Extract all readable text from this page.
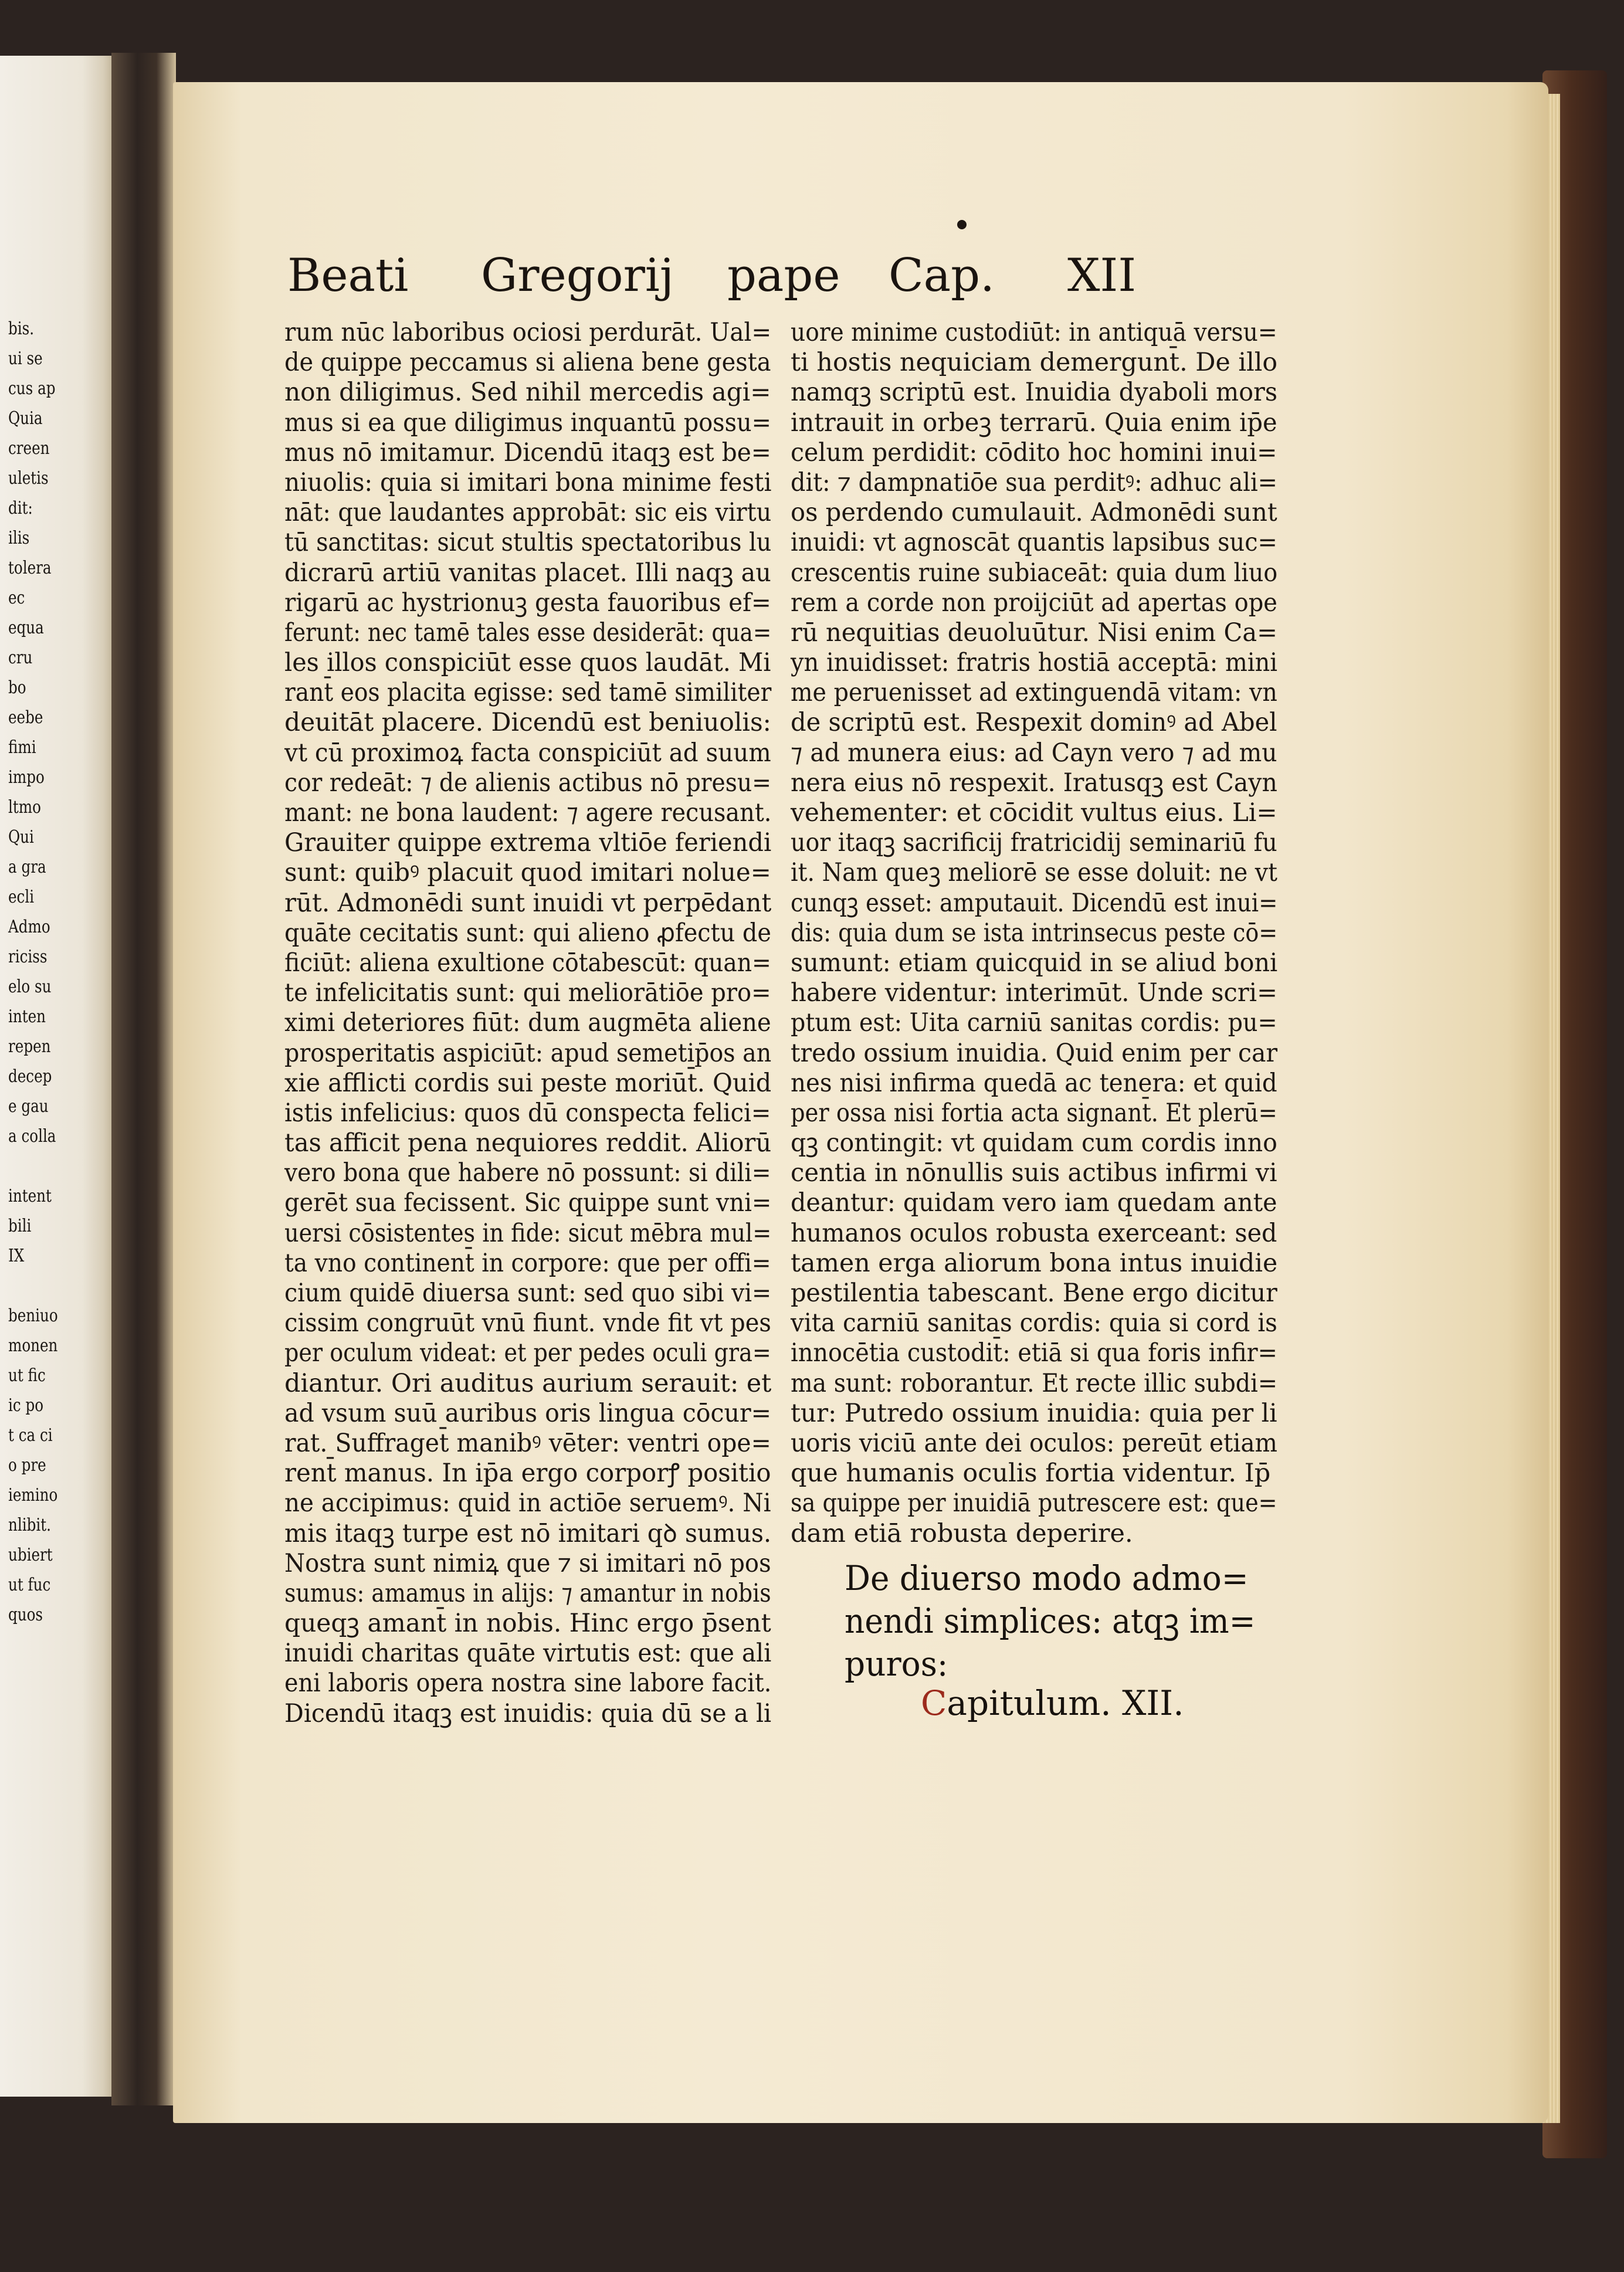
bis.
ui se
cus ap
Quia
creen
uletis
dit:
ilis
tolera
ec
equa
cru
bo
eebe
fimi
impo
ltmo
Qui
a gra
ecli
Admo
riciss
elo su
inten
repen
decep
e gau
a colla
intent
bili
IX
beniuo
monen
ut fic
ic po
t ca ci
o pre
iemino
nlibit.
ubiert
ut fuc
quos
Beati Gregorij pape Cap. XII
rum nūc laboribus ociosi perdurāt. Ual=
de quippe peccamus si aliena bene gesta
non diligimus. Sed nihil mercedis agi=
mus si ea que diligimus inquantū possu=
mus nō imitamur. Dicendū itaqꝫ est be=
niuolis: quia si imitari bona minime festi
nāt: que laudantes approbāt: sic eis virtu
tū sanctitas: sicut stultis spectatoribus lu
dicrarū artiū vanitas placet. Illi naqꝫ au
rigarū ac hystrionuꝫ gesta fauoribus ef=
ferunt: nec tamē tales esse desiderāt: qua=
les illos conspiciūt esse quos laudāt. Mi
rant̄ eos placita egisse: sed tamē similiter
deuitāt placere. Dicendū est beniuolis:
vt cū proximoꝝ facta conspiciūt ad suum
cor redeāt: ⁊ de alienis actibus nō presu=
mant: ne bona laudent: ⁊ agere recusant.
Grauiter quippe extrema vltiōe feriendi
sunt: quibꝰ placuit quod imitari nolue=
rūt. Admonēdi sunt inuidi vt perpēdant
quāte cecitatis sunt: qui alieno ꝓfectu de
ficiūt: aliena exultione cōtabescūt: quan=
te infelicitatis sunt: qui meliorātiōe pro=
ximi deteriores fiūt: dum augmēta aliene
prosperitatis aspiciūt: apud semetip̄os an
xie afflicti cordis sui peste moriūt̄. Quid
istis infelicius: quos dū conspecta felici=
tas afficit pena nequiores reddit. Aliorū
vero bona que habere nō possunt: si dili=
gerēt sua fecissent. Sic quippe sunt vni=
uersi cōsistentes in fide: sicut mēbra mul=
ta vno continent̄ in corpore: que per offi=
cium quidē diuersa sunt: sed quo sibi vi=
cissim congruūt vnū fiunt. vnde fit vt pes
per oculum videat: et per pedes oculi gra=
diantur. Ori auditus aurium serauit: et
ad vsum suū auribus oris lingua cōcur=
rat. Suffraget̄ manibꝰ vēter: ventri ope=
rent̄ manus. In ip̄a ergo corporꝭ positio
ne accipimus: quid in actiōe seruemꝰ. Ni
mis itaqꝫ turpe est nō imitari qꝺ sumus.
Nostra sunt nimiꝝ que ⁊ si imitari nō pos
sumus: amamus in alijs: ⁊ amantur in nobis
queqꝫ amant̄ in nobis. Hinc ergo p̄sent
inuidi charitas quāte virtutis est: que ali
eni laboris opera nostra sine labore facit.
Dicendū itaqꝫ est inuidis: quia dū se a li
uore minime custodiūt: in antiquā versu=
ti hostis nequiciam demergunt̄. De illo
namqꝫ scriptū est. Inuidia dyaboli mors
intrauit in orbeꝫ terrarū. Quia enim ip̄e
celum perdidit: cōdito hoc homini inui=
dit: ⁊ dampnatiōe sua perditꝰ: adhuc ali=
os perdendo cumulauit. Admonēdi sunt
inuidi: vt agnoscāt quantis lapsibus suc=
crescentis ruine subiaceāt: quia dum liuo
rem a corde non proijciūt ad apertas ope
rū nequitias deuoluūtur. Nisi enim Ca=
yn inuidisset: fratris hostiā acceptā: mini
me peruenisset ad extinguendā vitam: vn
de scriptū est. Respexit dominꝰ ad Abel
⁊ ad munera eius: ad Cayn vero ⁊ ad mu
nera eius nō respexit. Iratusqꝫ est Cayn
vehementer: et cōcidit vultus eius. Li=
uor itaqꝫ sacrificij fratricidij seminariū fu
it. Nam queꝫ meliorē se esse doluit: ne vt
cunqꝫ esset: amputauit. Dicendū est inui=
dis: quia dum se ista intrinsecus peste cō=
sumunt: etiam quicquid in se aliud boni
habere videntur: interimūt. Unde scri=
ptum est: Uita carniū sanitas cordis: pu=
tredo ossium inuidia. Quid enim per car
nes nisi infirma quedā ac tenera: et quid
per ossa nisi fortia acta signant̄. Et plerū=
qꝫ contingit: vt quidam cum cordis inno
centia in nōnullis suis actibus infirmi vi
deantur: quidam vero iam quedam ante
humanos oculos robusta exerceant: sed
tamen erga aliorum bona intus inuidie
pestilentia tabescant. Bene ergo dicitur
vita carniū sanitas cordis: quia si cord is
innocētia custodit̄: etiā si qua foris infir=
ma sunt: roborantur. Et recte illic subdi=
tur: Putredo ossium inuidia: quia per li
uoris viciū ante dei oculos: pereūt etiam
que humanis oculis fortia videntur. Ip̄
sa quippe per inuidiā putrescere est: que=
dam etiā robusta deperire.
De diuerso modo admo=
nendi simplices: atqꝫ im=
puros:
Capitulum. XII.
